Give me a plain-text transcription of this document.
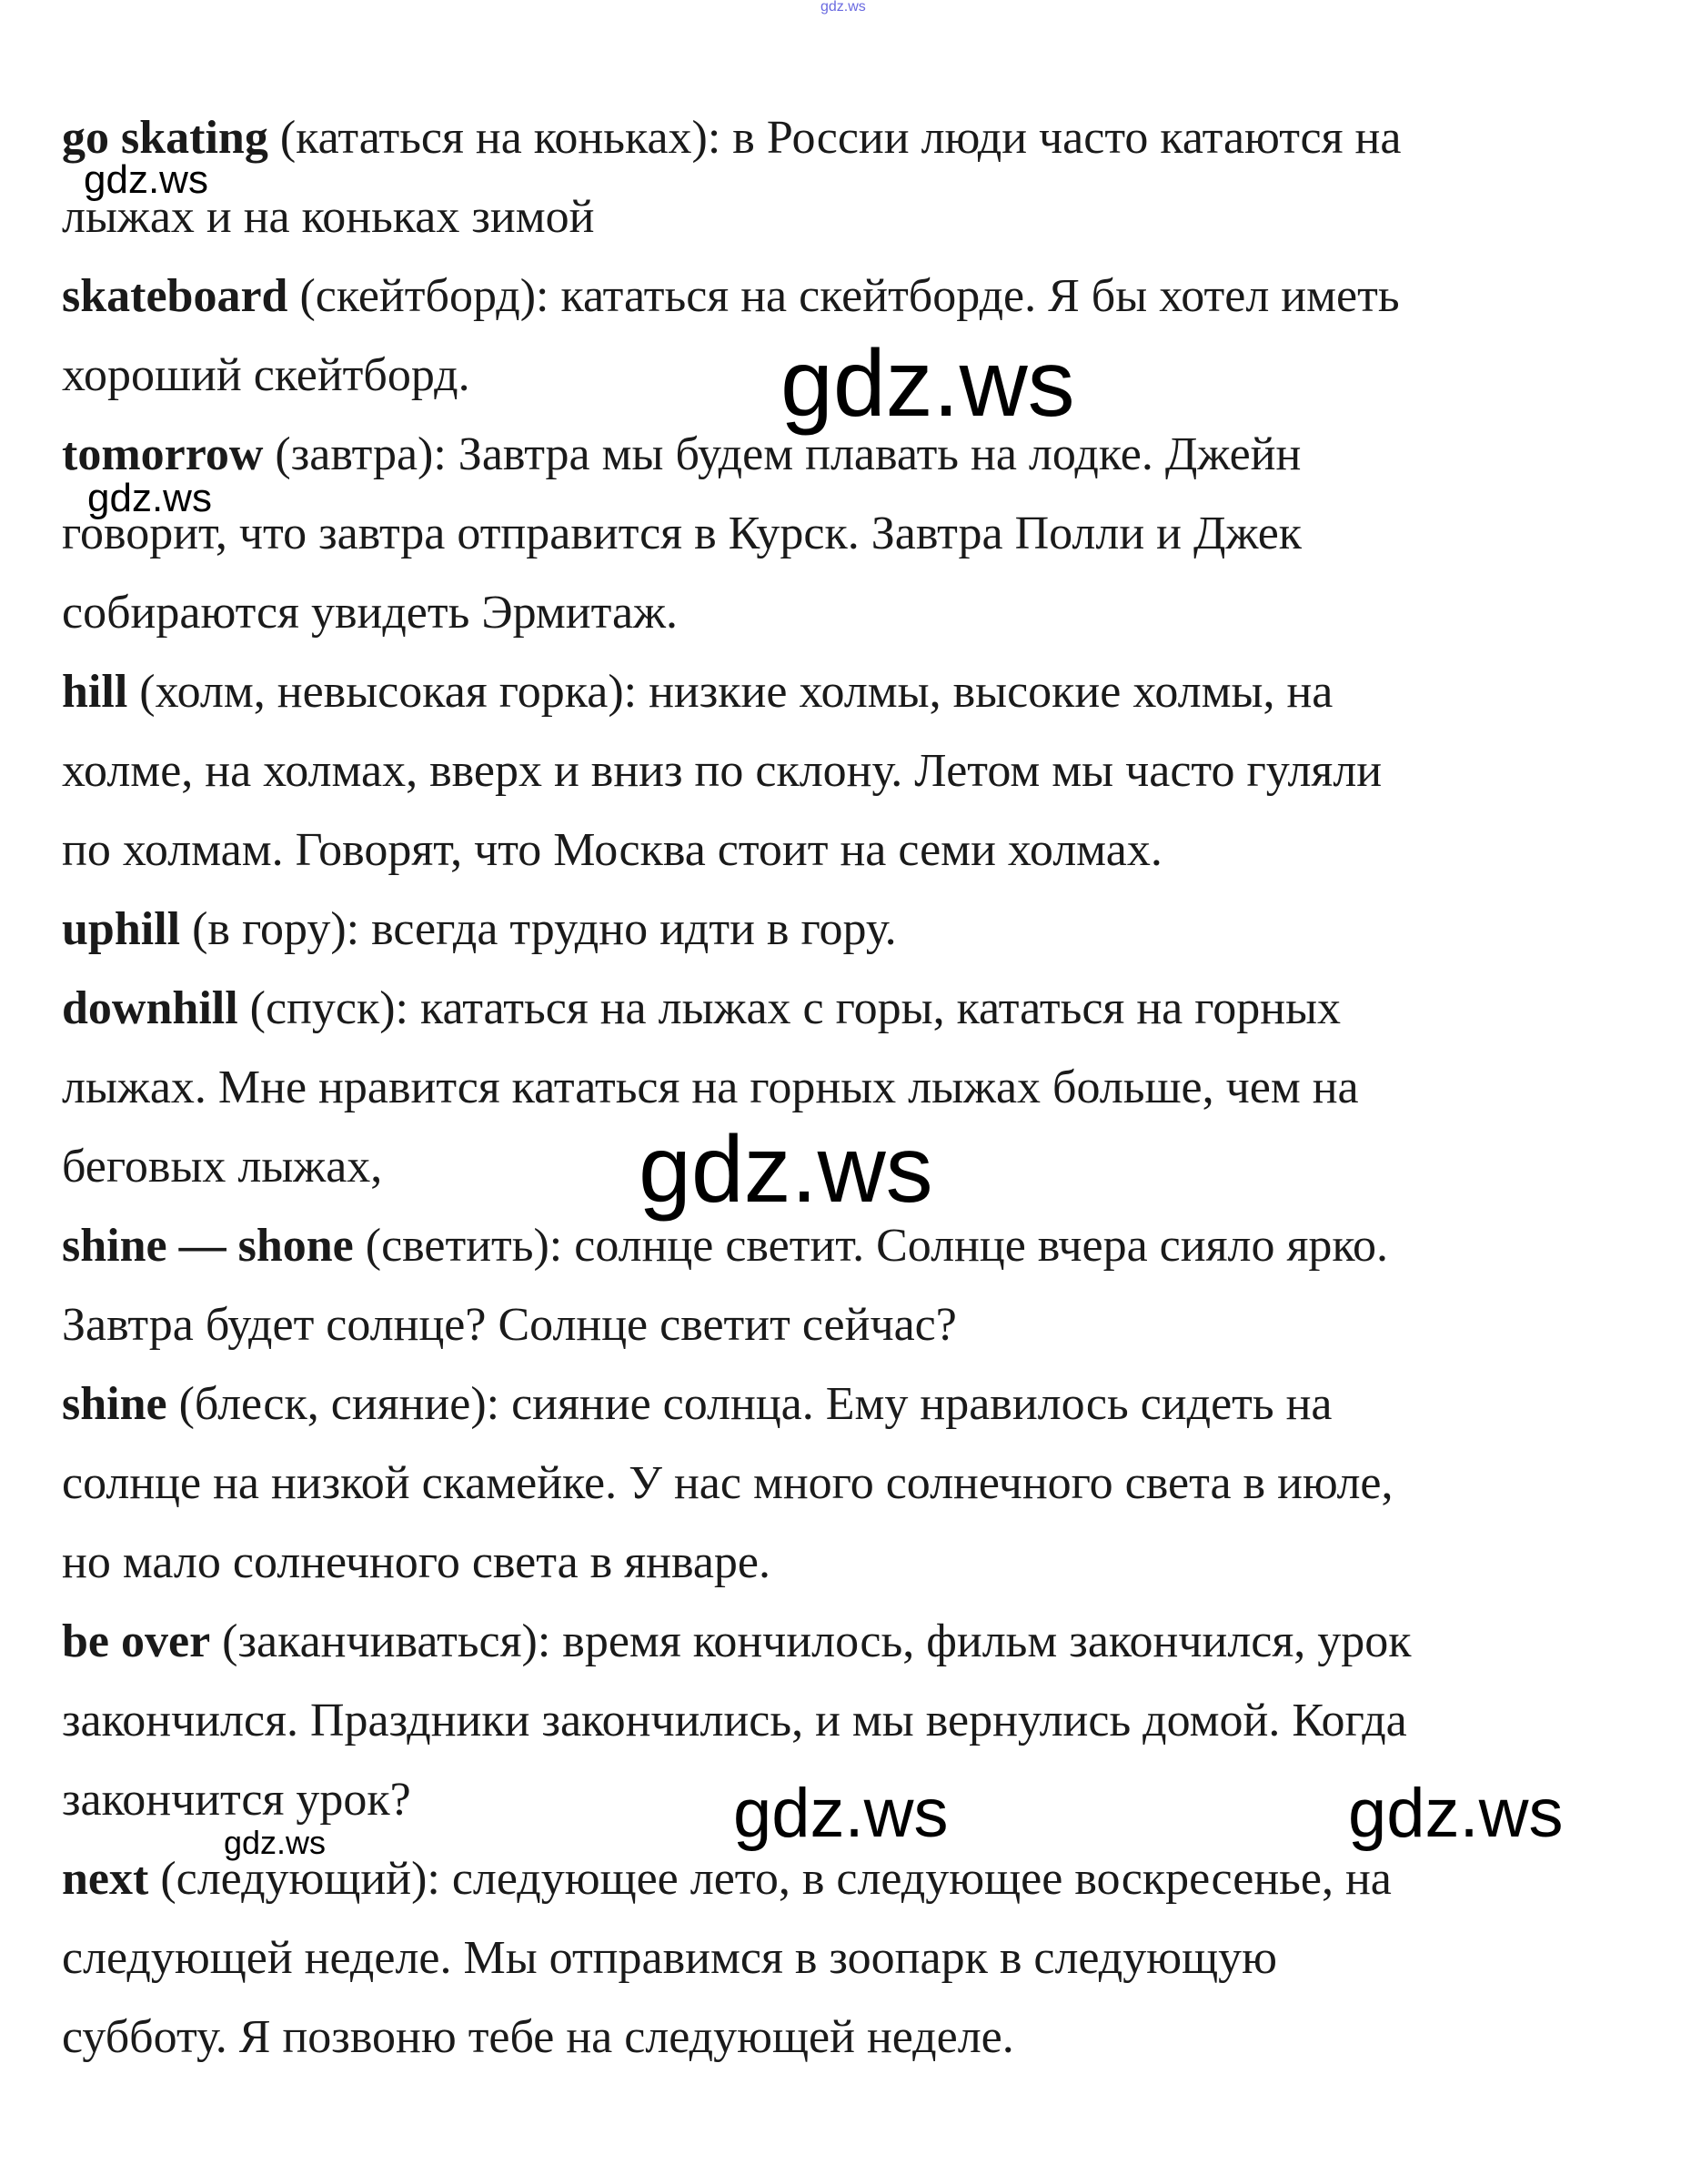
go skating (кататься на коньках): в России люди часто катаются на
лыжах и на коньках зимой
skateboard (скейтборд): кататься на скейтборде. Я бы хотел иметь
хороший скейтборд.
tomorrow (завтра): Завтра мы будем плавать на лодке. Джейн
говорит, что завтра отправится в Курск. Завтра Полли и Джек
собираются увидеть Эрмитаж.
hill (холм, невысокая горка): низкие холмы, высокие холмы, на
холме, на холмах, вверх и вниз по склону. Летом мы часто гуляли
по холмам. Говорят, что Москва стоит на семи холмах.
uphill (в гору): всегда трудно идти в гору.
downhill (спуск): кататься на лыжах с горы, кататься на горных
лыжах. Мне нравится кататься на горных лыжах больше, чем на
беговых лыжах,
shine — shone (светить): солнце светит. Солнце вчера сияло ярко.
Завтра будет солнце? Солнце светит сейчас?
shine (блеск, сияние): сияние солнца. Ему нравилось сидеть на
солнце на низкой скамейке. У нас много солнечного света в июле,
но мало солнечного света в январе.
be over (заканчиваться): время кончилось, фильм закончился, урок
закончился. Праздники закончились, и мы вернулись домой. Когда
закончится урок?
next (следующий): следующее лето, в следующее воскресенье, на
следующей неделе. Мы отправимся в зоопарк в следующую
субботу. Я позвоню тебе на следующей неделе.
gdz.ws
gdz.ws
gdz.ws
gdz.ws
gdz.ws
gdz.ws	gdz.ws
gdz.ws
